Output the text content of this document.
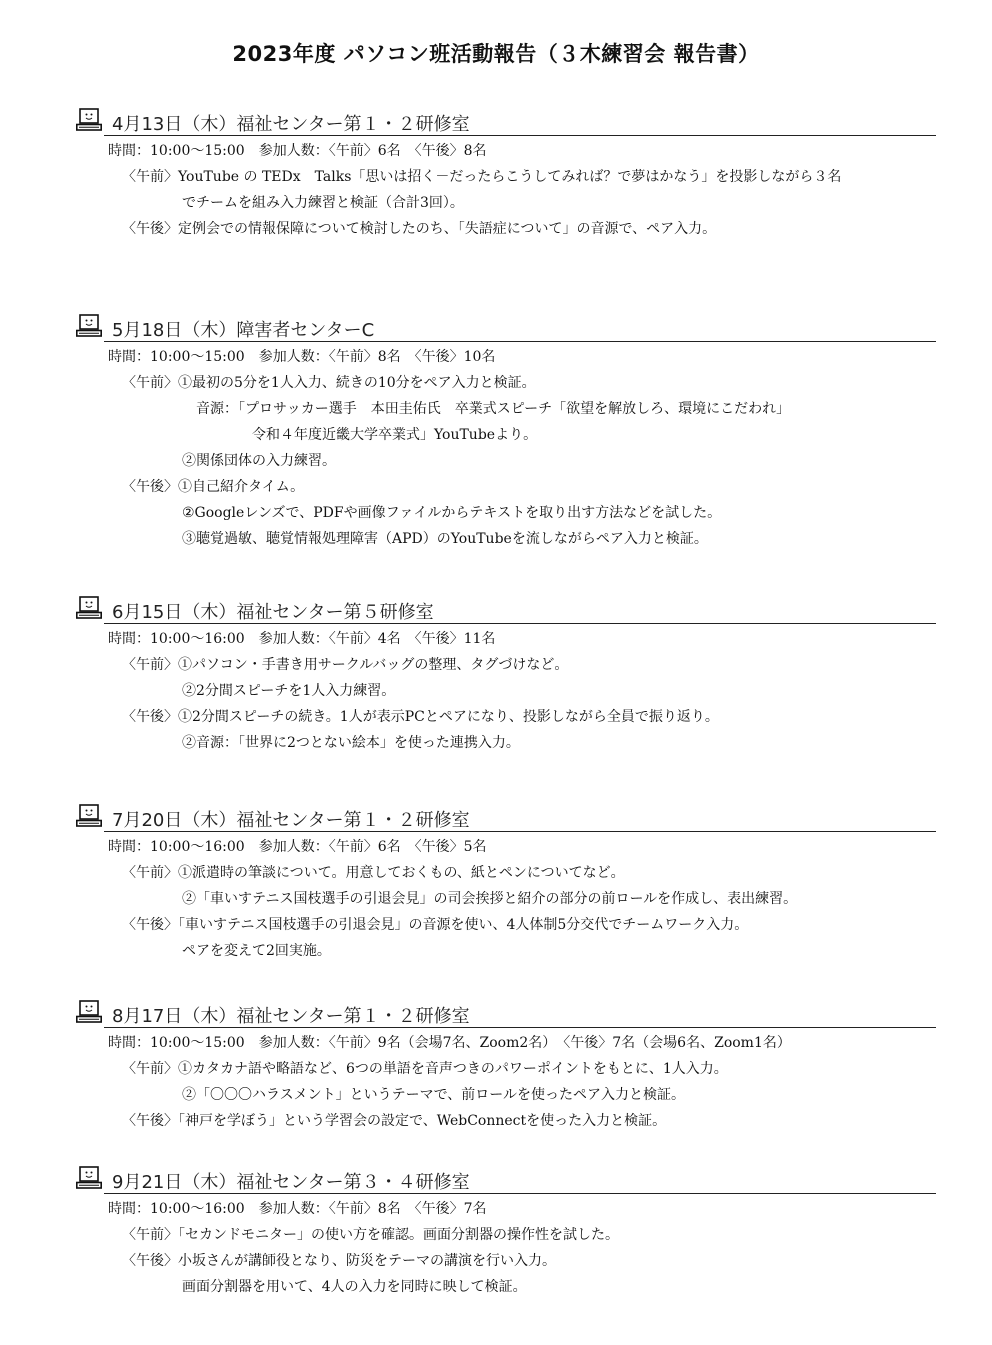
2023年度 パソコン班活動報告（３木練習会 報告書）
4月13日（木）福祉センター第１・２研修室
時間：10:00～15:00　参加人数：〈午前〉6名　〈午後〉8名
〈午前〉YouTube の TEDx　Talks「思いは招く－だったらこうしてみれば？で夢はかなう」を投影しながら３名
でチームを組み入力練習と検証（合計3回）。
〈午後〉定例会での情報保障について検討したのち、「失語症について」の音源で、ペア入力。
5月18日（木）障害者センターC
時間：10:00～15:00　参加人数：〈午前〉8名　〈午後〉10名
〈午前〉①最初の5分を1人入力、続きの10分をペア入力と検証。
音源：「プロサッカー選手　本田圭佑氏　卒業式スピーチ「欲望を解放しろ、環境にこだわれ」
令和４年度近畿大学卒業式」YouTubeより。
②関係団体の入力練習。
〈午後〉①自己紹介タイム。
②Googleレンズで、PDFや画像ファイルからテキストを取り出す方法などを試した。
③聴覚過敏、聴覚情報処理障害（APD）のYouTubeを流しながらペア入力と検証。
6月15日（木）福祉センター第５研修室
時間：10:00～16:00　参加人数：〈午前〉4名　〈午後〉11名
〈午前〉①パソコン・手書き用サークルバッグの整理、タグづけなど。
②2分間スピーチを1人入力練習。
〈午後〉①2分間スピーチの続き。1人が表示PCとペアになり、投影しながら全員で振り返り。
②音源：「世界に2つとない絵本」を使った連携入力。
7月20日（木）福祉センター第１・２研修室
時間：10:00～16:00　参加人数：〈午前〉6名　〈午後〉5名
〈午前〉①派遣時の筆談について。用意しておくもの、紙とペンについてなど。
②「車いすテニス国枝選手の引退会見」の司会挨拶と紹介の部分の前ロールを作成し、表出練習。
〈午後〉「車いすテニス国枝選手の引退会見」の音源を使い、4人体制5分交代でチームワーク入力。
ペアを変えて2回実施。
8月17日（木）福祉センター第１・２研修室
時間：10:00～15:00　参加人数：〈午前〉9名（会場7名、Zoom2名）　〈午後〉7名（会場6名、Zoom1名）
〈午前〉①カタカナ語や略語など、6つの単語を音声つきのパワーポイントをもとに、1人入力。
②「〇〇〇ハラスメント」というテーマで、前ロールを使ったペア入力と検証。
〈午後〉「神戸を学ぼう」という学習会の設定で、WebConnectを使った入力と検証。
9月21日（木）福祉センター第３・４研修室
時間：10:00～16:00　参加人数：〈午前〉8名　〈午後〉7名
〈午前〉「セカンドモニター」の使い方を確認。画面分割器の操作性を試した。
〈午後〉小坂さんが講師役となり、防災をテーマの講演を行い入力。
画面分割器を用いて、4人の入力を同時に映して検証。
